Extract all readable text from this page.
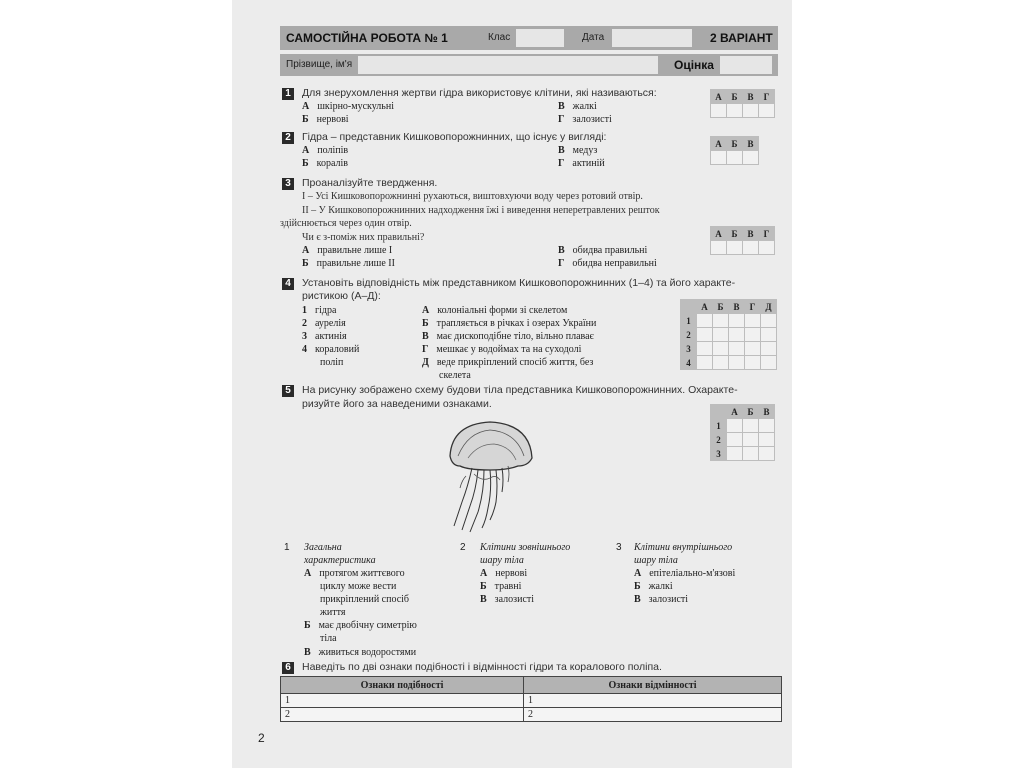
САМОСТІЙНА РОБОТА № 1	Клас	Дата	2 ВАРІАНТ
Прізвище, ім'я	Оцінка
1	Для знерухомлення жертви гідра використовує клітини, які називаються:
А шкірно-мускульні
Б нервові
В жалкі
Г залозисті
А	Б	В	Г

2	Гідра – представник Кишковопорожнинних, що існує у вигляді:
А поліпів
Б коралів
В медуз
Г актиній
А	Б	В

3	Проаналізуйте твердження.
І – Усі Кишковопорожнинні рухаються, виштовхуючи воду через ротовий отвір.
ІІ – У Кишковопорожнинних надходження їжі і виведення неперетравлених решток
здійснюється через один отвір.
Чи є з-поміж них правильні?
А правильне лише І
Б правильне лише ІІ
В обидва правильні
Г обидва неправильні
А	Б	В	Г

4	Установіть відповідність між представником Кишковопорожнинних (1–4) та його характе-
ристикою (А–Д):
1 гідра
2 аурелія
3 актинія
4 кораловий
поліп
А колоніальні форми зі скелетом
Б трапляється в річках і озерах України
В має дископодібне тіло, вільно плаває
Г мешкає у водоймах та на суходолі
Д веде прикріплений спосіб життя, без
скелета
	А	Б	В	Г	Д
1					
2					
3					
4					
5	На рисунку зображено схему будови тіла представника Кишковопорожнинних. Охарактe-
ризуйте його за наведеними ознаками.
	А	Б	В
1			
2			
3			
1 Загальна
характеристика
А протягом життєвого
циклу може вести
прикріплений спосіб
життя
Б має двобічну симетрію
тіла
В живиться водоростями
2 Клітини зовнішнього
шару тіла
А нервові
Б травні
В залозисті
3 Клітини внутрішнього
шару тіла
А епітеліально-м'язові
Б жалкі
В залозисті
6	Наведіть по дві ознаки подібності і відмінності гідри та коралового поліпа.
Ознаки подібності	Ознаки відмінності
1	1
2	2
2
